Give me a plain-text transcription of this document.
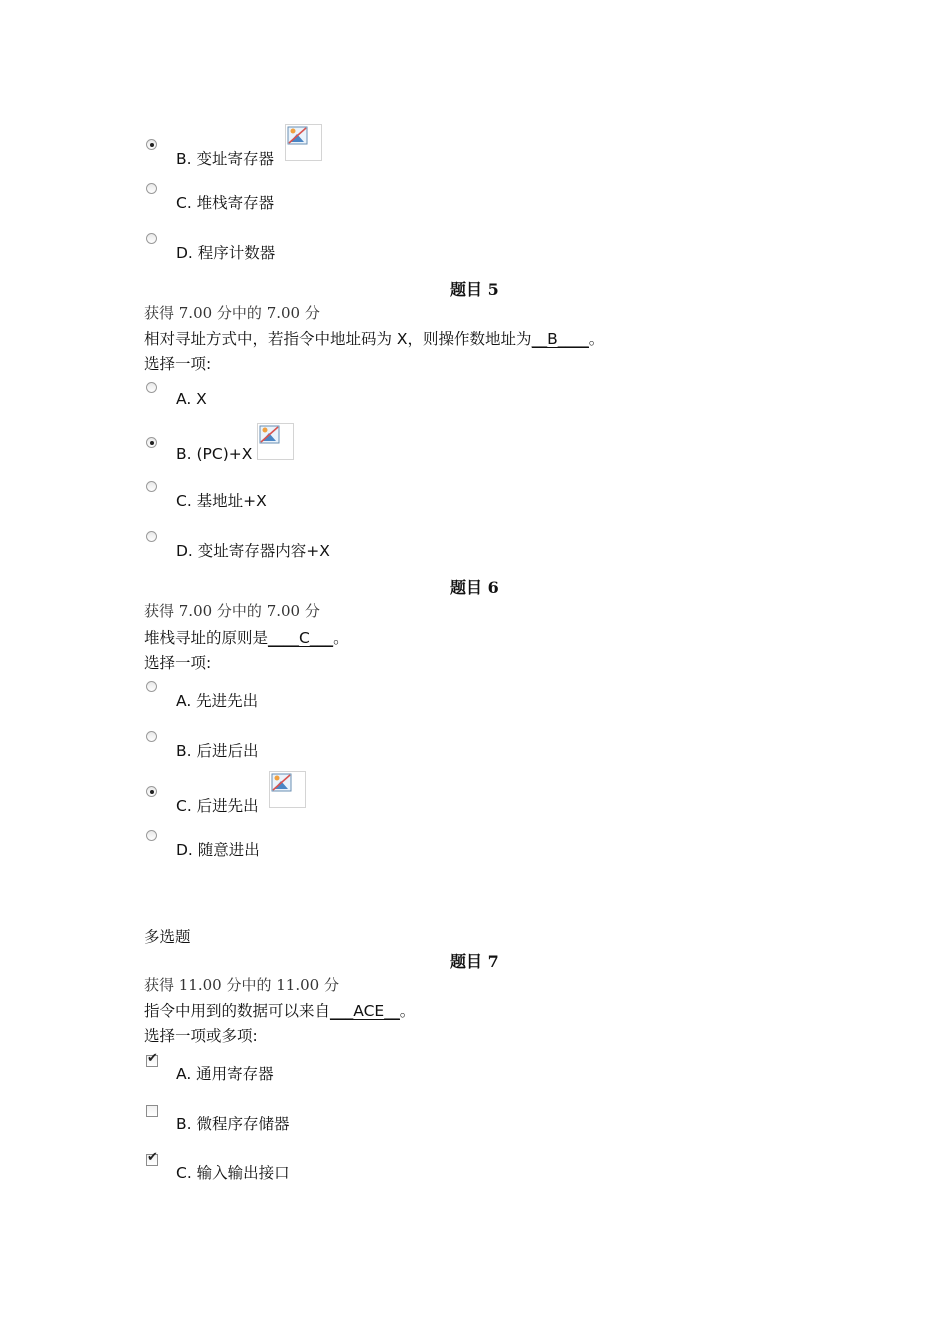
B. 变址寄存器
C. 堆栈寄存器
D. 程序计数器
题目 5
获得 7.00 分中的 7.00 分
相对寻址方式中，若指令中地址码为 X，则操作数地址为__B____。
选择一项:
A. X
B. (PC)+X
C. 基地址+X
D. 变址寄存器内容+X
题目 6
获得 7.00 分中的 7.00 分
堆栈寻址的原则是____C___。
选择一项:
A. 先进先出
B. 后进后出
C. 后进先出
D. 随意进出
多选题
题目 7
获得 11.00 分中的 11.00 分
指令中用到的数据可以来自___ACE__。
选择一项或多项:
✔
A. 通用寄存器
B. 微程序存储器
✔
C. 输入输出接口
